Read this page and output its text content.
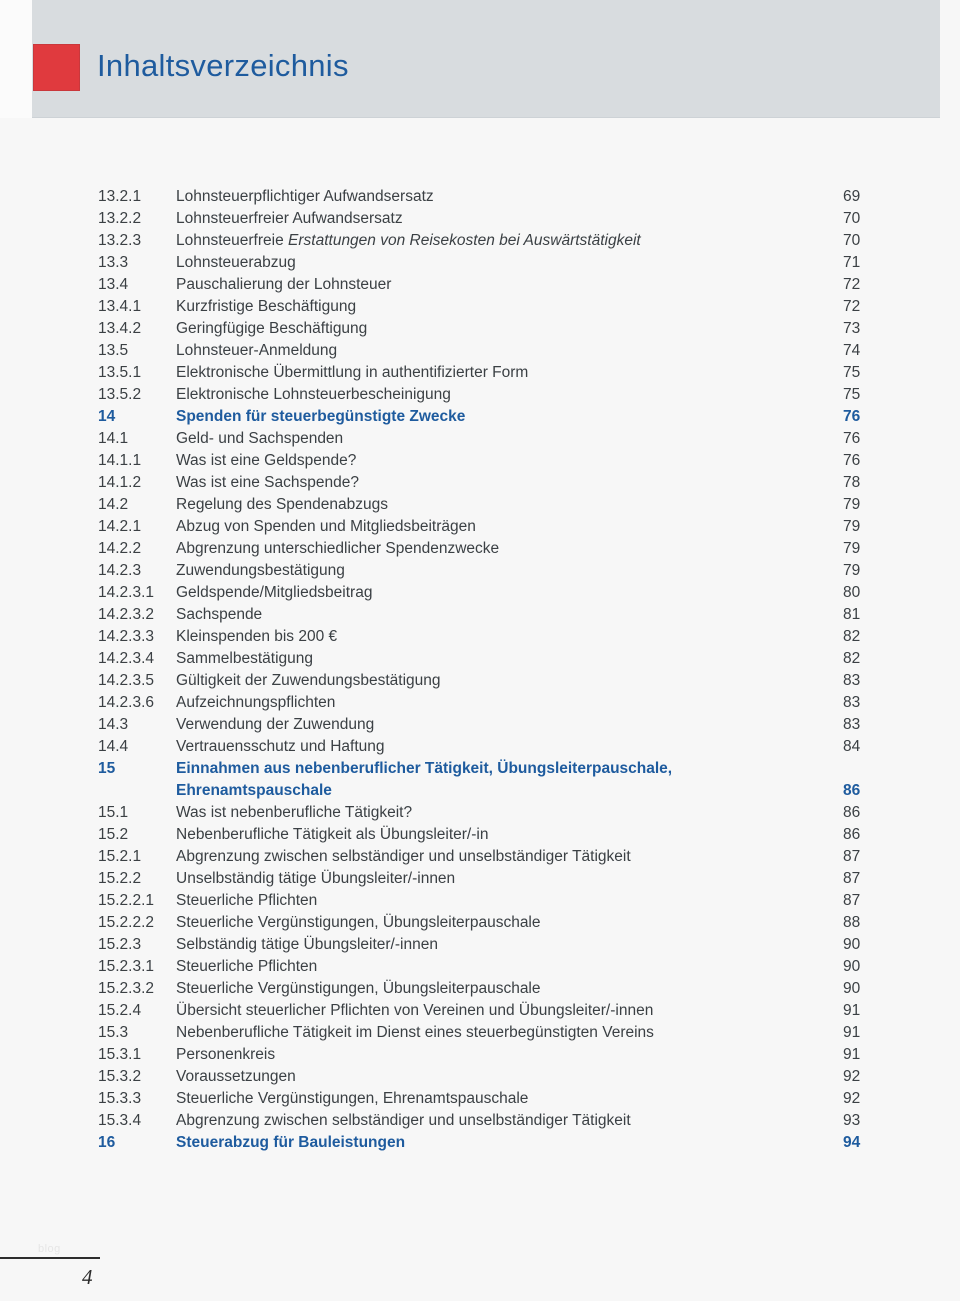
Inhaltsverzeichnis
13.2.1 Lohnsteuerpflichtiger Aufwandsersatz	69
13.2.2 Lohnsteuerfreier Aufwandsersatz	70
13.2.3 Lohnsteuerfreie Erstattungen von Reisekosten bei Auswärtstätigkeit	70
13.3	Lohnsteuerabzug	71
13.4	Pauschalierung der Lohnsteuer	72
13.4.1 Kurzfristige Beschäftigung	72
13.4.2 Geringfügige Beschäftigung	73
13.5	Lohnsteuer-Anmeldung	74
13.5.1 Elektronische Übermittlung in authentifizierter Form	75
13.5.2 Elektronische Lohnsteuerbescheinigung	75
14	Spenden für steuerbegünstigte Zwecke	76
14.1	Geld- und Sachspenden	76
14.1.1 Was ist eine Geldspende?	76
14.1.2 Was ist eine Sachspende?	78
14.2	Regelung des Spendenabzugs	79
14.2.1 Abzug von Spenden und Mitgliedsbeiträgen	79
14.2.2 Abgrenzung unterschiedlicher Spendenzwecke	79
14.2.3 Zuwendungsbestätigung	79
14.2.3.1 Geldspende/Mitgliedsbeitrag	80
14.2.3.2 Sachspende	81
14.2.3.3 Kleinspenden bis 200 €	82
14.2.3.4 Sammelbestätigung	82
14.2.3.5 Gültigkeit der Zuwendungsbestätigung	83
14.2.3.6 Aufzeichnungspflichten	83
14.3	Verwendung der Zuwendung	83
14.4	Vertrauensschutz und Haftung	84
15	Einnahmen aus nebenberuflicher Tätigkeit, Übungsleiterpauschale,
Ehrenamtspauschale	86
15.1	Was ist nebenberufliche Tätigkeit?	86
15.2	Nebenberufliche Tätigkeit als Übungsleiter/-in	86
15.2.1 Abgrenzung zwischen selbständiger und unselbständiger Tätigkeit	87
15.2.2 Unselbständig tätige Übungsleiter/-innen	87
15.2.2.1 Steuerliche Pflichten	87
15.2.2.2 Steuerliche Vergünstigungen, Übungsleiterpauschale	88
15.2.3 Selbständig tätige Übungsleiter/-innen	90
15.2.3.1 Steuerliche Pflichten	90
15.2.3.2 Steuerliche Vergünstigungen, Übungsleiterpauschale	90
15.2.4 Übersicht steuerlicher Pflichten von Vereinen und Übungsleiter/-innen	91
15.3	Nebenberufliche Tätigkeit im Dienst eines steuerbegünstigten Vereins	91
15.3.1 Personenkreis	91
15.3.2 Voraussetzungen	92
15.3.3 Steuerliche Vergünstigungen, Ehrenamtspauschale	92
15.3.4 Abgrenzung zwischen selbständiger und unselbständiger Tätigkeit	93
16	Steuerabzug für Bauleistungen	94
blog
4
